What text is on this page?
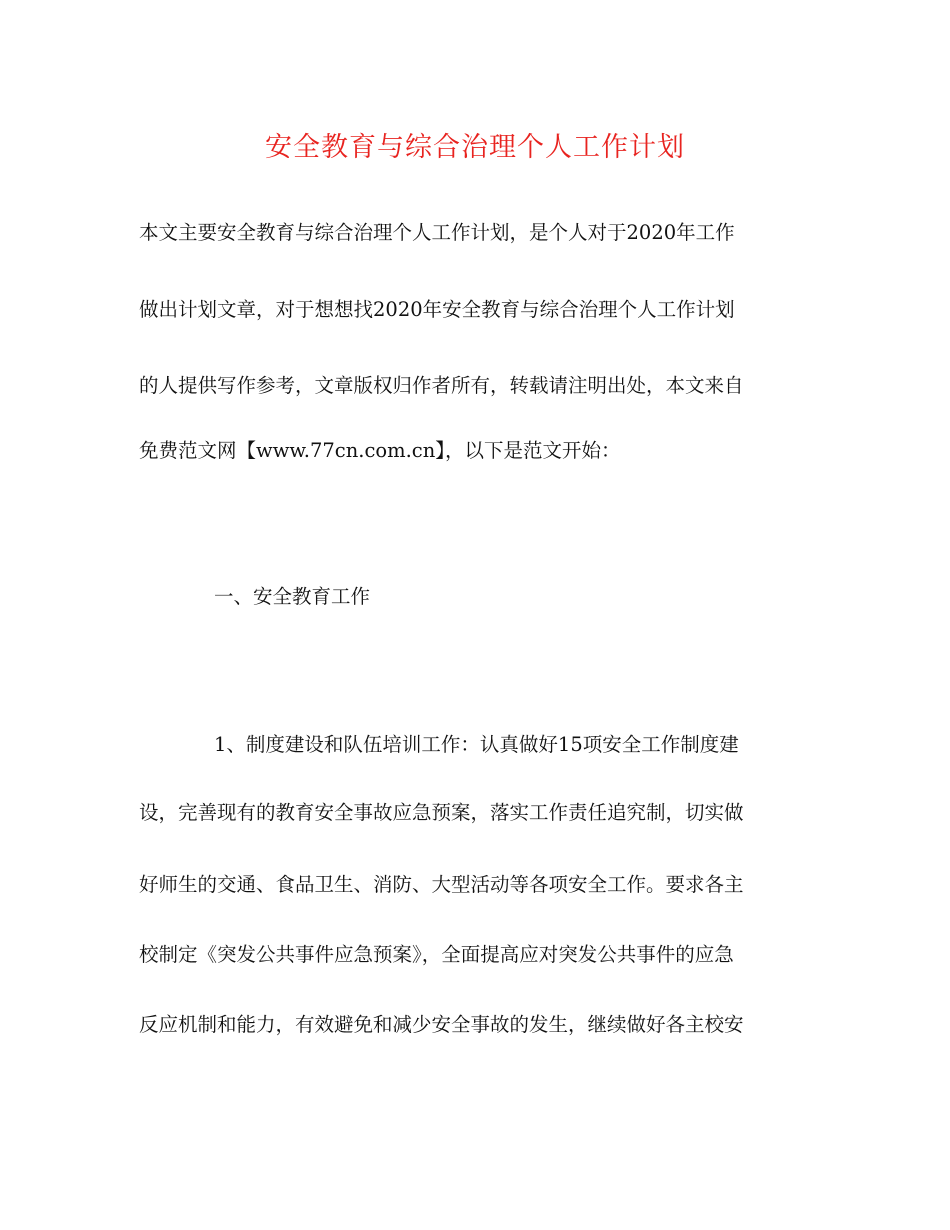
安全教育与综合治理个人工作计划
本文主要安全教育与综合治理个人工作计划，是个人对于2020年工作
做出计划文章，对于想想找2020年安全教育与综合治理个人工作计划
的人提供写作参考，文章版权归作者所有，转载请注明出处，本文来自
免费范文网【www.77cn.com.cn】，以下是范文开始：
一、安全教育工作
1、制度建设和队伍培训工作：认真做好15项安全工作制度建
设，完善现有的教育安全事故应急预案，落实工作责任追究制，切实做
好师生的交通、食品卫生、消防、大型活动等各项安全工作。要求各主
校制定《突发公共事件应急预案》，全面提高应对突发公共事件的应急
反应机制和能力，有效避免和减少安全事故的发生，继续做好各主校安
